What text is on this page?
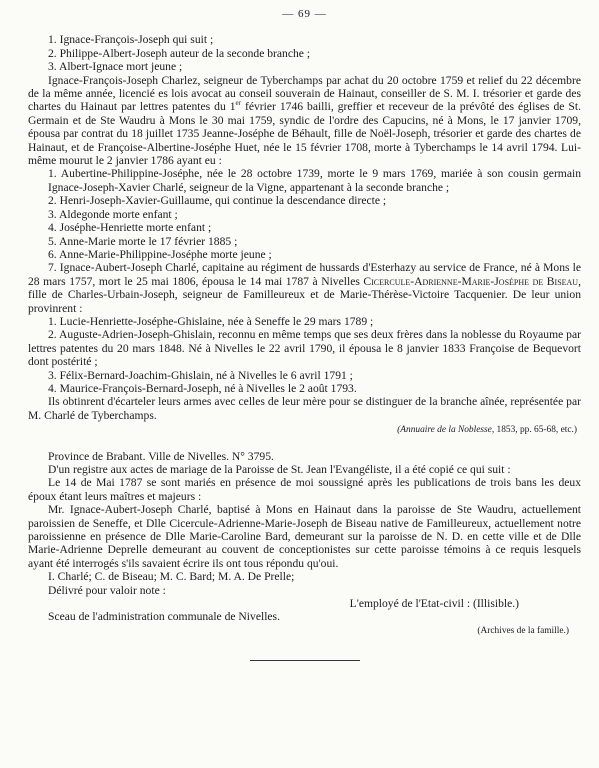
— 69 —

1. Ignace-François-Joseph qui suit ;

2. Philippe-Albert-Joseph auteur de la seconde branche ;

3. Albert-Ignace mort jeune ;

Ignace-François-Joseph Charlez, seigneur de Tyberchamps par achat du 20 octobre 1759 et relief du 22 décembre de la même année, licencié es lois avocat au conseil souverain de Hainaut, conseiller de S. M. I. trésorier et garde des chartes du Hainaut par lettres patentes du 1er février 1746 bailli, greffier et receveur de la prévôté des églises de St. Germain et de Ste Waudru à Mons le 30 mai 1759, syndic de l'ordre des Capucins, né à Mons, le 17 janvier 1709, épousa par contrat du 18 juillet 1735 Jeanne-Joséphe de Béhault, fille de Noël-Joseph, trésorier et garde des chartes de Hainaut, et de Françoise-Albertine-Joséphe Huet, née le 15 février 1708, morte à Tyberchamps le 14 avril 1794. Lui-même mourut le 2 janvier 1786 ayant eu :

1. Aubertine-Philippine-Joséphe, née le 28 octobre 1739, morte le 9 mars 1769, mariée à son cousin germain Ignace-Joseph-Xavier Charlé, seigneur de la Vigne, appartenant à la seconde branche ;

2. Henri-Joseph-Xavier-Guillaume, qui continue la descendance directe ;

3. Aldegonde morte enfant ;

4. Joséphe-Henriette morte enfant ;

5. Anne-Marie morte le 17 février 1885 ;

6. Anne-Marie-Philippine-Joséphe morte jeune ;

7. Ignace-Aubert-Joseph Charlé, capitaine au régiment de hussards d'Esterhazy au service de France, né à Mons le 28 mars 1757, mort le 25 mai 1806, épousa le 14 mai 1787 à Nivelles Cicercule-Adrienne-Marie-Joséphe de Biseau, fille de Charles-Urbain-Joseph, seigneur de Familleureux et de Marie-Thérèse-Victoire Tacquenier. De leur union provinrent :

1. Lucie-Henriette-Joséphe-Ghislaine, née à Seneffe le 29 mars 1789 ;

2. Auguste-Adrien-Joseph-Ghislain, reconnu en même temps que ses deux frères dans la noblesse du Royaume par lettres patentes du 20 mars 1848. Né à Nivelles le 22 avril 1790, il épousa le 8 janvier 1833 Françoise de Bequevort dont postérité ;

3. Félix-Bernard-Joachim-Ghislain, né à Nivelles le 6 avril 1791 ;

4. Maurice-François-Bernard-Joseph, né à Nivelles le 2 août 1793.

Ils obtinrent d'écarteler leurs armes avec celles de leur mère pour se distinguer de la branche aînée, représentée par M. Charlé de Tyberchamps.

(Annuaire de la Noblesse, 1853, pp. 65-68, etc.)

Province de Brabant. Ville de Nivelles. N° 3795.

D'un registre aux actes de mariage de la Paroisse de St. Jean l'Evangéliste, il a été copié ce qui suit :

Le 14 de Mai 1787 se sont mariés en présence de moi soussigné après les publications de trois bans les deux époux étant leurs maîtres et majeurs :

Mr. Ignace-Aubert-Joseph Charlé, baptisé à Mons en Hainaut dans la paroisse de Ste Waudru, actuellement paroissien de Seneffe, et Dlle Cicercule-Adrienne-Marie-Joseph de Biseau native de Familleureux, actuellement notre paroissienne en présence de Dlle Marie-Caroline Bard, demeurant sur la paroisse de N. D. en cette ville et de Dlle Marie-Adrienne Deprelle demeurant au couvent de conceptionistes sur cette paroisse témoins à ce requis lesquels ayant été interrogés s'ils savaient écrire ils ont tous répondu qu'oui.

I. Charlé; C. de Biseau; M. C. Bard; M. A. De Prelle;

Délivré pour valoir note :

L'employé de l'Etat-civil : (Illisible.)

Sceau de l'administration communale de Nivelles.

(Archives de la famille.)
